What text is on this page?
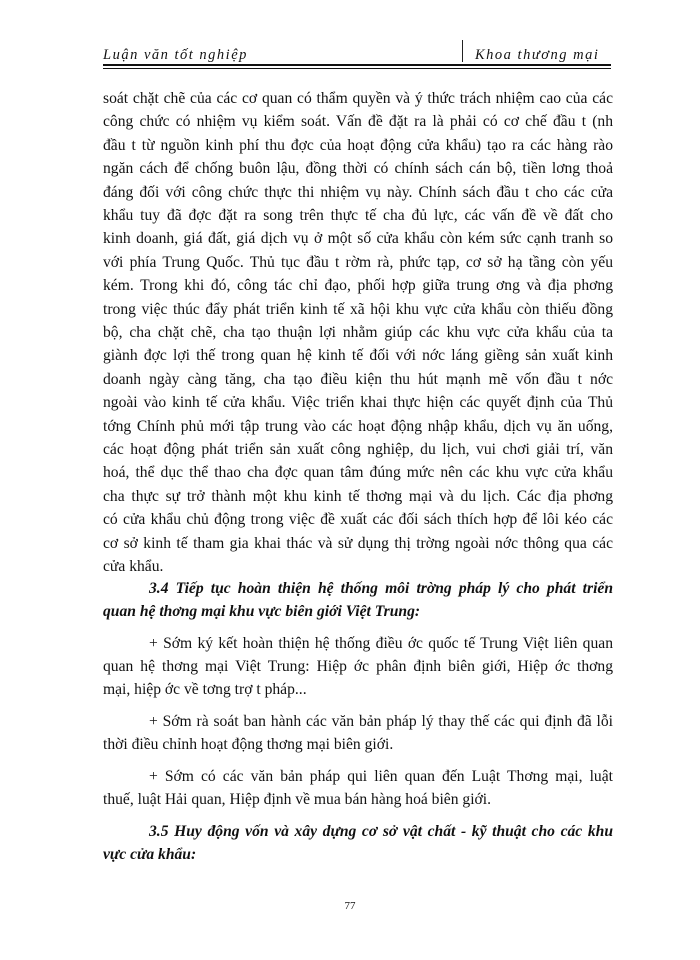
Luận văn tốt nghiệp	Khoa thương mại
soát chặt chẽ của các cơ quan có thẩm quyền và ý thức trách nhiệm cao của các
công chức có nhiệm vụ kiểm soát. Vấn đề đặt ra là phải có cơ chế đầu t (nh
đầu t từ nguồn kinh phí thu đợc của hoạt động cửa khẩu) tạo ra các hàng rào
ngăn cách để chống buôn lậu, đồng thời có chính sách cán bộ, tiền lơng thoả
đáng đối với công chức thực thi nhiệm vụ này. Chính sách đầu t cho các cửa
khẩu tuy đã đợc đặt ra song trên thực tế cha đủ lực, các vấn đề về đất cho
kinh doanh, giá đất, giá dịch vụ ở một số cửa khẩu còn kém sức cạnh tranh so
với phía Trung Quốc. Thủ tục đầu t rờm rà, phức tạp, cơ sở hạ tầng còn yếu
kém. Trong khi đó, công tác chỉ đạo, phối hợp giữa trung ơng và địa phơng
trong việc thúc đẩy phát triển kinh tế xã hội khu vực cửa khẩu còn thiếu đồng
bộ, cha chặt chẽ, cha tạo thuận lợi nhằm giúp các khu vực cửa khẩu của ta
giành đợc lợi thế trong quan hệ kinh tế đối với nớc láng giềng sản xuất kinh
doanh ngày càng tăng, cha tạo điều kiện thu hút mạnh mẽ vốn đầu t nớc
ngoài vào kinh tế cửa khẩu. Việc triển khai thực hiện các quyết định của Thủ
tớng Chính phủ mới tập trung vào các hoạt động nhập khẩu, dịch vụ ăn uống,
các hoạt động phát triển sản xuất công nghiệp, du lịch, vui chơi giải trí, văn
hoá, thể dục thể thao cha đợc quan tâm đúng mức nên các khu vực cửa khẩu
cha thực sự trở thành một khu kinh tế thơng mại và du lịch. Các địa phơng
có cửa khẩu chủ động trong việc đề xuất các đối sách thích hợp để lôi kéo các
cơ sở kinh tế tham gia khai thác và sử dụng thị trờng ngoài nớc thông qua các
cửa khẩu.
3.4 Tiếp tục hoàn thiện hệ thống môi trờng pháp lý cho phát triển
quan hệ thơng mại khu vực biên giới Việt Trung:
+ Sớm ký kết hoàn thiện hệ thống điều ớc quốc tế Trung Việt liên quan
quan hệ thơng mại Việt Trung: Hiệp ớc phân định biên giới, Hiệp ớc thơng
mại, hiệp ớc về tơng trợ t pháp...
+ Sớm rà soát ban hành các văn bản pháp lý thay thế các qui định đã lỗi
thời điều chỉnh hoạt động thơng mại biên giới.
+ Sớm có các văn bản pháp qui liên quan đến Luật Thơng mại, luật
thuế, luật Hải quan, Hiệp định về mua bán hàng hoá biên giới.
3.5 Huy động vốn và xây dựng cơ sở vật chất - kỹ thuật cho các khu
vực cửa khẩu:
77
